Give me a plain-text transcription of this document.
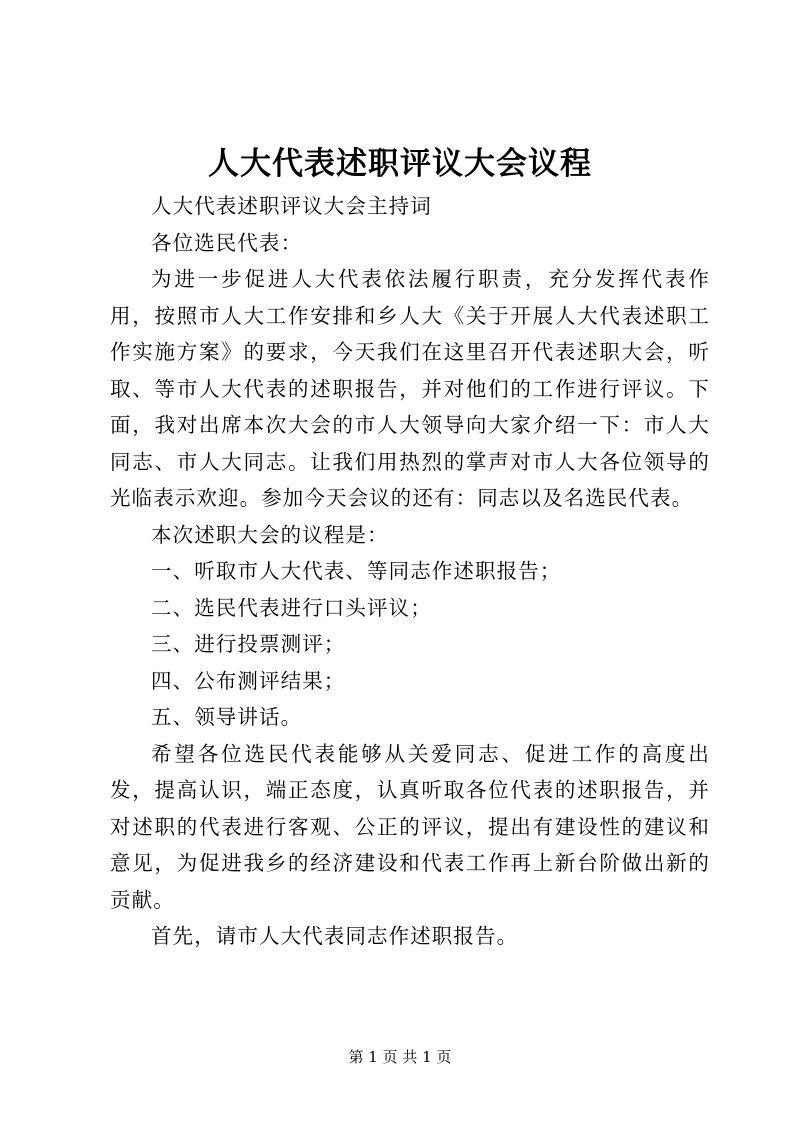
人大代表述职评议大会议程

人大代表述职评议大会主持词

各位选民代表：

为进一步促进人大代表依法履行职责，充分发挥代表作用，按照市人大工作安排和乡人大《关于开展人大代表述职工作实施方案》的要求，今天我们在这里召开代表述职大会，听取、等市人大代表的述职报告，并对他们的工作进行评议。下面，我对出席本次大会的市人大领导向大家介绍一下：市人大同志、市人大同志。让我们用热烈的掌声对市人大各位领导的光临表示欢迎。参加今天会议的还有：同志以及名选民代表。

本次述职大会的议程是：

一、听取市人大代表、等同志作述职报告；

二、选民代表进行口头评议；

三、进行投票测评；

四、公布测评结果；

五、领导讲话。

希望各位选民代表能够从关爱同志、促进工作的高度出发，提高认识，端正态度，认真听取各位代表的述职报告，并对述职的代表进行客观、公正的评议，提出有建设性的建议和意见，为促进我乡的经济建设和代表工作再上新台阶做出新的贡献。

首先，请市人大代表同志作述职报告。

第 1 页 共 1 页
